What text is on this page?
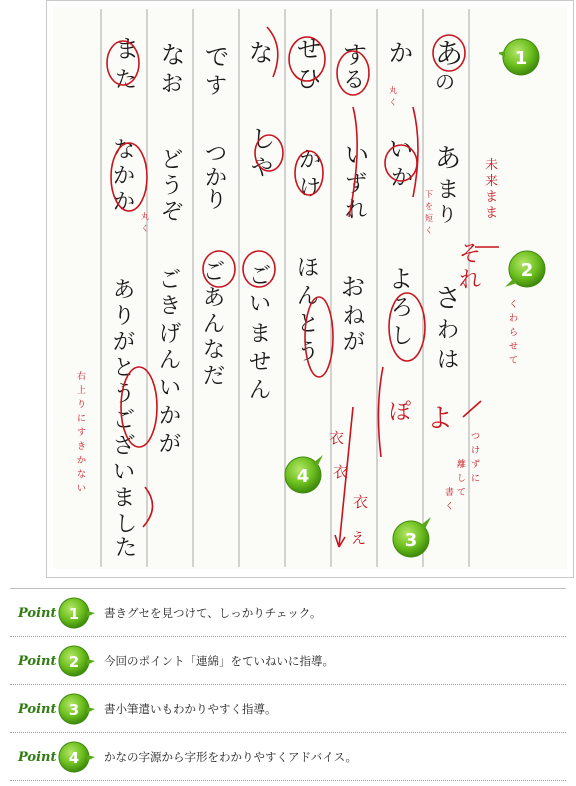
あ
の
あ
ま
り
さ
わ
は
か
い
か
よ
ろ
し
す
る
い
ず
れ
お
ね
が
せ
ひ
か
け
ほ
ん
と
う
な
し
や
ご
い
ま
せ
ん
で
す
つ
か
り
ご
あ
ん
な
だ
な
お
ど
う
ぞ
ご
き
げ
ん
い
か
が
ま
た
な
か
か
あ
り
が
と
う
ご
ざ
い
ま
し
た
未
来
ま
ま
そ
れ
よ
ぽ
衣
衣
衣
え
つ
け
ず
に
離
し
て
書
く
く
わ
ら
せ
て
右
上
り
に
す
き
か
な
い
下
を
短
く
丸
く
丸
く
1
2
3
4
Point 1 書きグセを見つけて、しっかりチェック。
Point 2 今回のポイント「連綿」をていねいに指導。
Point 3 書小筆遣いもわかりやすく指導。
Point 4 かなの字源から字形をわかりやすくアドバイス。
